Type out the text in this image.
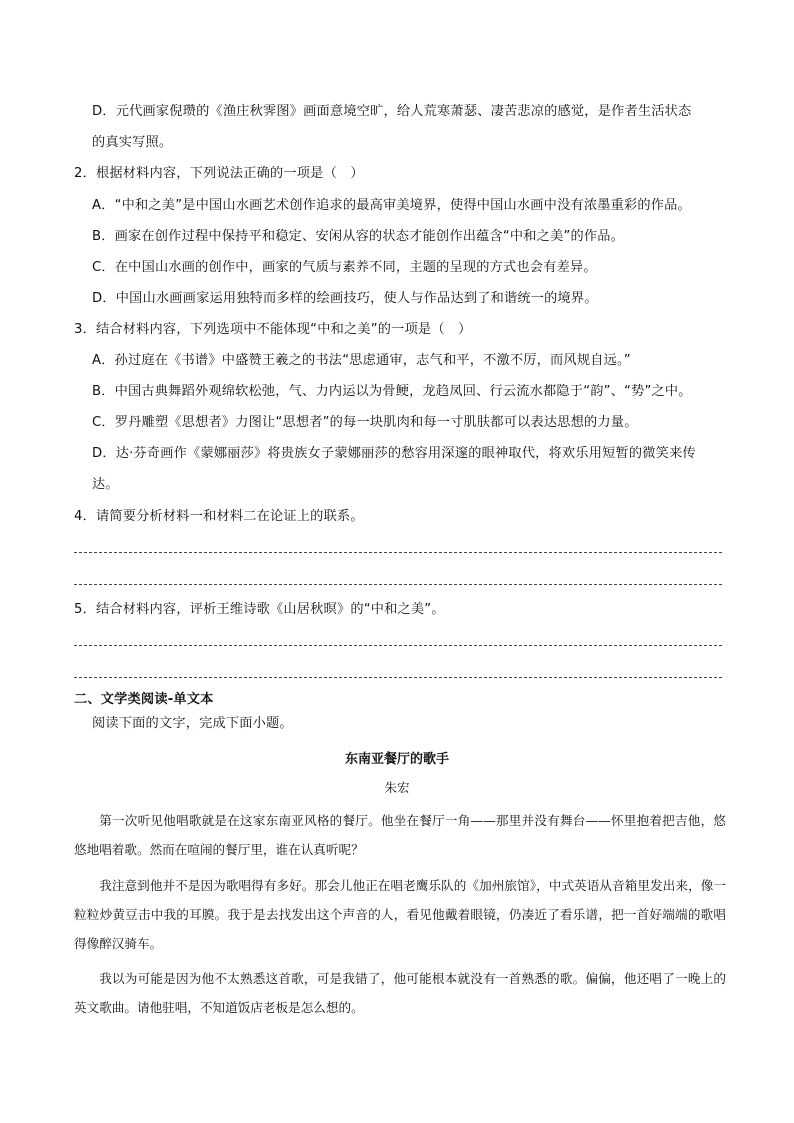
D．元代画家倪瓒的《渔庄秋霁图》画面意境空旷，给人荒寒萧瑟、凄苦悲凉的感觉，是作者生活状态
的真实写照。
2．根据材料内容，下列说法正确的一项是（　）
A．“中和之美”是中国山水画艺术创作追求的最高审美境界，使得中国山水画中没有浓墨重彩的作品。
B．画家在创作过程中保持平和稳定、安闲从容的状态才能创作出蕴含“中和之美”的作品。
C．在中国山水画的创作中，画家的气质与素养不同，主题的呈现的方式也会有差异。
D．中国山水画画家运用独特而多样的绘画技巧，使人与作品达到了和谐统一的境界。
3．结合材料内容，下列选项中不能体现“中和之美”的一项是（　）
A．孙过庭在《书谱》中盛赞王羲之的书法“思虑通审，志气和平，不激不厉，而风规自远。”
B．中国古典舞蹈外观绵软松弛，气、力内运以为骨鲠，龙趋凤回、行云流水都隐于“韵”、“势”之中。
C．罗丹雕塑《思想者》力图让“思想者”的每一块肌肉和每一寸肌肤都可以表达思想的力量。
D．达·芬奇画作《蒙娜丽莎》将贵族女子蒙娜丽莎的愁容用深邃的眼神取代，将欢乐用短暂的微笑来传
达。
4．请简要分析材料一和材料二在论证上的联系。
5．结合材料内容，评析王维诗歌《山居秋暝》的“中和之美”。
二、文学类阅读-单文本
阅读下面的文字，完成下面小题。
东南亚餐厅的歌手
朱宏
第一次听见他唱歌就是在这家东南亚风格的餐厅。他坐在餐厅一角——那里并没有舞台——怀里抱着把吉他，悠悠地唱着歌。然而在喧闹的餐厅里，谁在认真听呢？
我注意到他并不是因为歌唱得有多好。那会儿他正在唱老鹰乐队的《加州旅馆》，中式英语从音箱里发出来，像一粒粒炒黄豆击中我的耳膜。我于是去找发出这个声音的人，看见他戴着眼镜，仍凑近了看乐谱，把一首好端端的歌唱得像醉汉骑车。
我以为可能是因为他不太熟悉这首歌，可是我错了，他可能根本就没有一首熟悉的歌。偏偏，他还唱了一晚上的英文歌曲。请他驻唱，不知道饭店老板是怎么想的。
